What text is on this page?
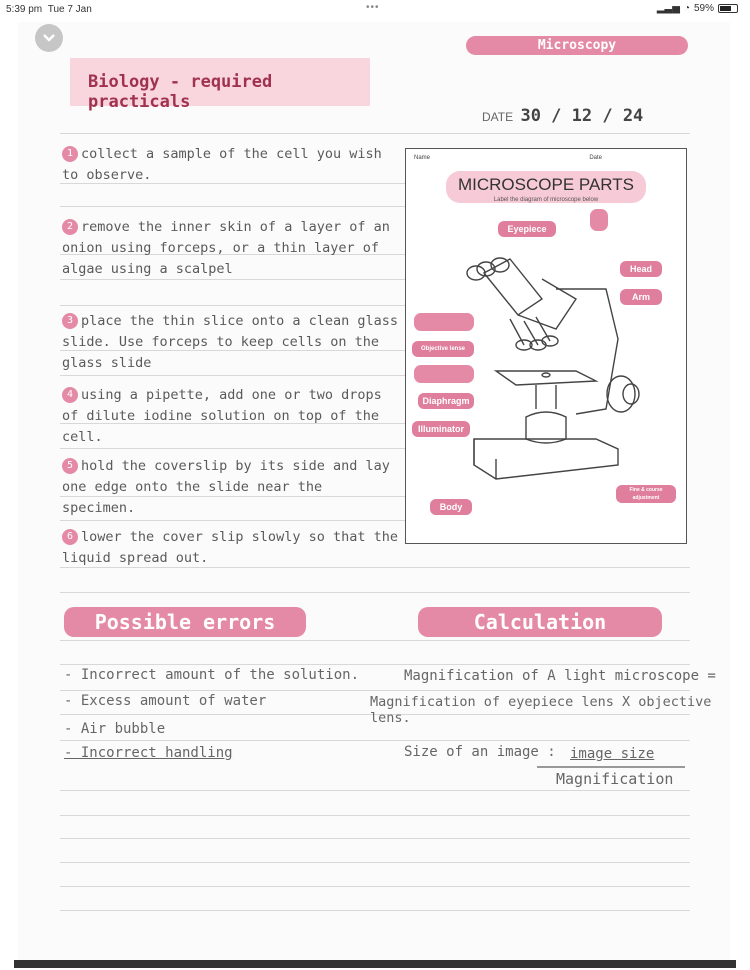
5:39 pm Tue 7 Jan	•••	▂▃▅ ◔ 59%
Microscopy
Biology - required practicals
DATE 30 / 12 / 24
1 collect a sample of the cell you wish to observe.
2 remove the inner skin of a layer of an onion using forceps, or a thin layer of algae using a scalpel
3 place the thin slice onto a clean glass slide. Use forceps to keep cells on the glass slide
4 using a pipette, add one or two drops of dilute iodine solution on top of the cell.
5 hold the coverslip by its side and lay one edge onto the slide near the specimen.
6 lower the cover slip slowly so that the liquid spread out.
Name	Date
MICROSCOPE PARTS
Label the diagram of microscope below
Eyepiece
Head
Arm
Objective lense
Diaphragm
Illuminator
Body
Fine & course adjustment
Possible errors
- Incorrect amount of the solution.
- Excess amount of water
- Air bubble
- Incorrect handling
Calculation
Magnification of A light microscope =
Magnification of eyepiece lens X objective lens.
Size of an image : image size
Magnification
